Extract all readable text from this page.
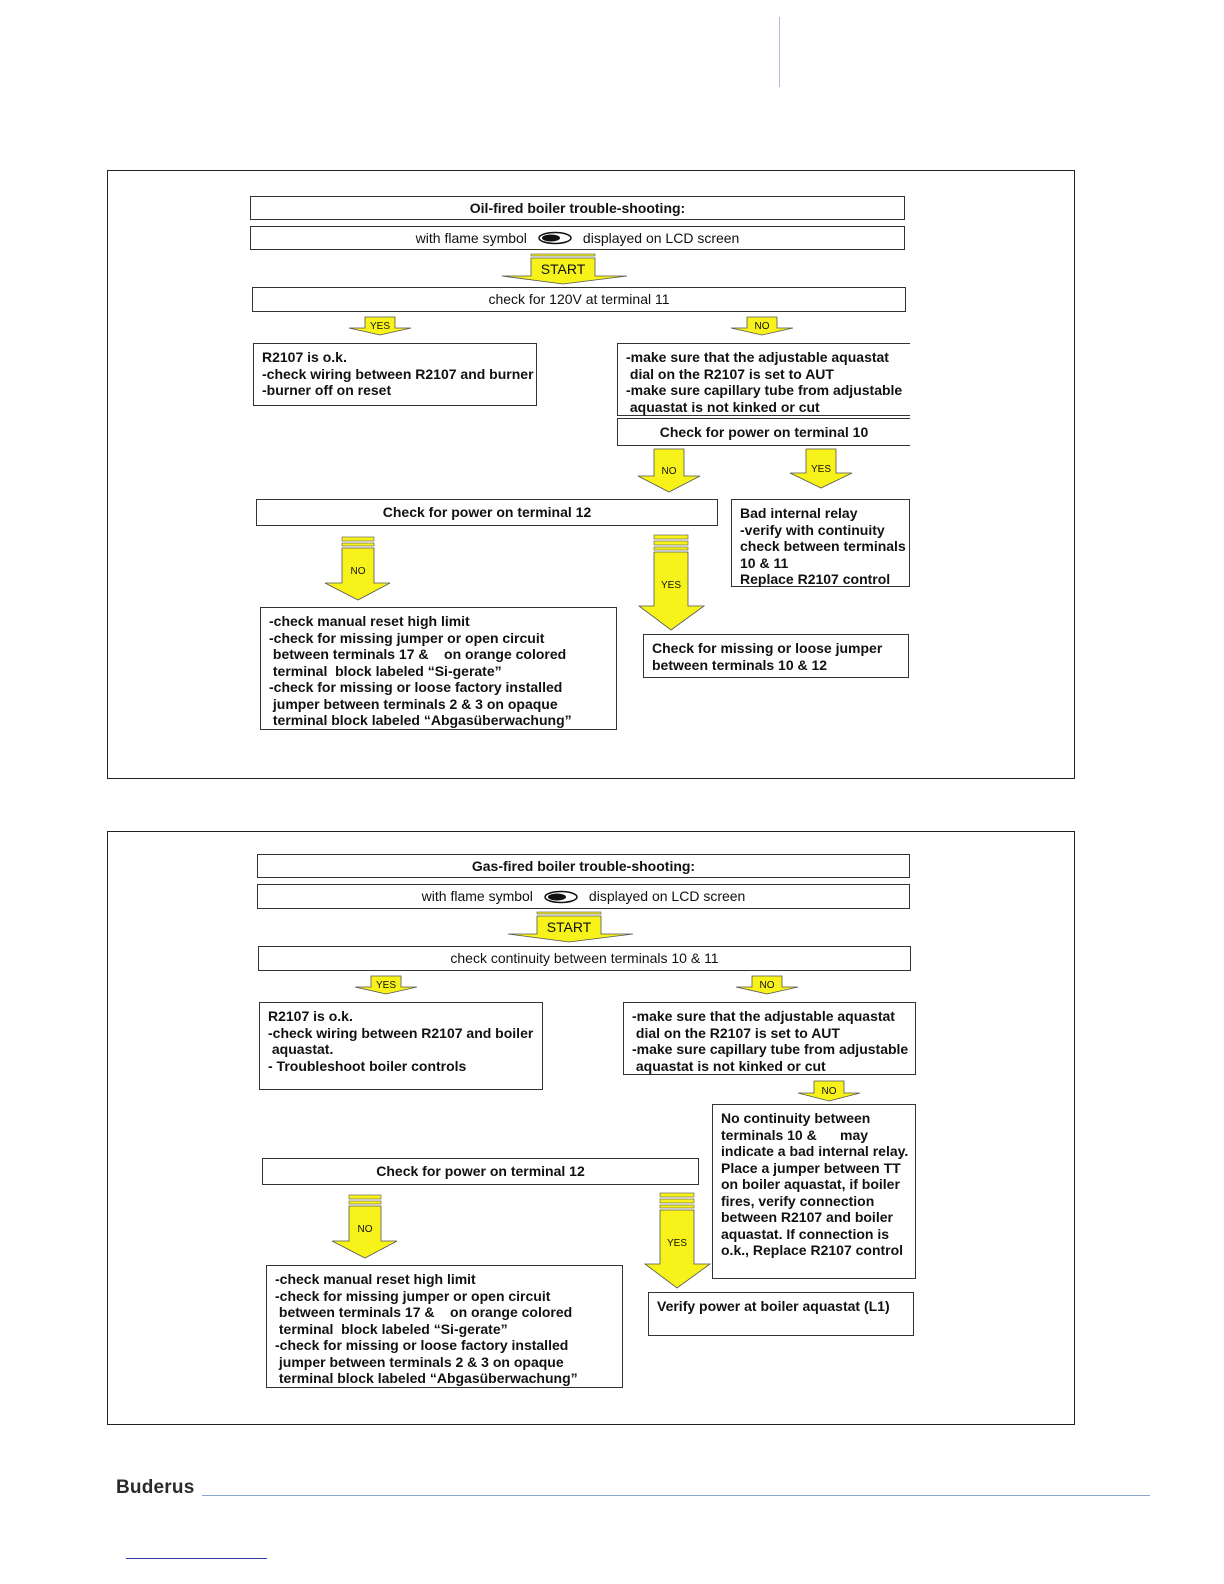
Oil-fired boiler trouble-shooting:
with flame symbol	displayed on LCD screen
START
check for 120V at terminal 11
YES	NO
R2107 is o.k.
-check wiring between R2107 and burner
-burner off on reset
-make sure that the adjustable aquastat
dial on the R2107 is set to AUT
-make sure capillary tube from adjustable
aquastat is not kinked or cut
Check for power on terminal 10
NO	YES
Check for power on terminal 12	Bad internal relay
-verify with continuity
check between terminals
10 & 11
Replace R2107 control
NO
YES
-check manual reset high limit
-check for missing jumper or open circuit
between terminals 17 &    on orange colored
terminal  block labeled “Si-gerate”
-check for missing or loose factory installed
jumper between terminals 2 & 3 on opaque
terminal block labeled “Abgasüberwachung”
Check for missing or loose jumper
between terminals 10 & 12
Gas-fired boiler trouble-shooting:
with flame symbol	displayed on LCD screen
START
check continuity between terminals 10 & 11
YES	NO
R2107 is o.k.
-check wiring between R2107 and boiler
aquastat.
- Troubleshoot boiler controls
-make sure that the adjustable aquastat
dial on the R2107 is set to AUT
-make sure capillary tube from adjustable
aquastat is not kinked or cut
NO
No continuity between
terminals 10 &      may
indicate a bad internal relay.
Place a jumper between TT
on boiler aquastat, if boiler
fires, verify connection
between R2107 and boiler
aquastat. If connection is
o.k., Replace R2107 control
Check for power on terminal 12
NO
YES
-check manual reset high limit
-check for missing jumper or open circuit
between terminals 17 &    on orange colored
terminal  block labeled “Si-gerate”
-check for missing or loose factory installed
jumper between terminals 2 & 3 on opaque
terminal block labeled “Abgasüberwachung”
Verify power at boiler aquastat (L1)
Buderus
